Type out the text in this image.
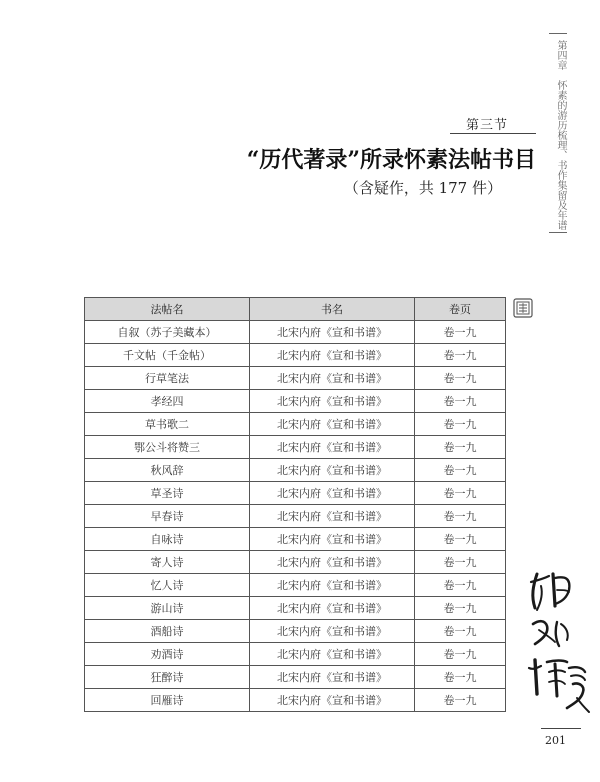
第四章　怀素的游历梳理、书作集留及年谱
第三节
“历代著录”所录怀素法帖书目
（含疑作，共 177 件）
法帖名	书名	卷页
自叙（苏子美藏本）	北宋内府《宣和书谱》	卷一九
千文帖（千金帖）	北宋内府《宣和书谱》	卷一九
行草笔法	北宋内府《宣和书谱》	卷一九
孝经四	北宋内府《宣和书谱》	卷一九
草书歌二	北宋内府《宣和书谱》	卷一九
鄂公斗将赞三	北宋内府《宣和书谱》	卷一九
秋风辞	北宋内府《宣和书谱》	卷一九
草圣诗	北宋内府《宣和书谱》	卷一九
早春诗	北宋内府《宣和书谱》	卷一九
自咏诗	北宋内府《宣和书谱》	卷一九
寄人诗	北宋内府《宣和书谱》	卷一九
忆人诗	北宋内府《宣和书谱》	卷一九
游山诗	北宋内府《宣和书谱》	卷一九
酒船诗	北宋内府《宣和书谱》	卷一九
劝酒诗	北宋内府《宣和书谱》	卷一九
狂醉诗	北宋内府《宣和书谱》	卷一九
回雁诗	北宋内府《宣和书谱》	卷一九
201
